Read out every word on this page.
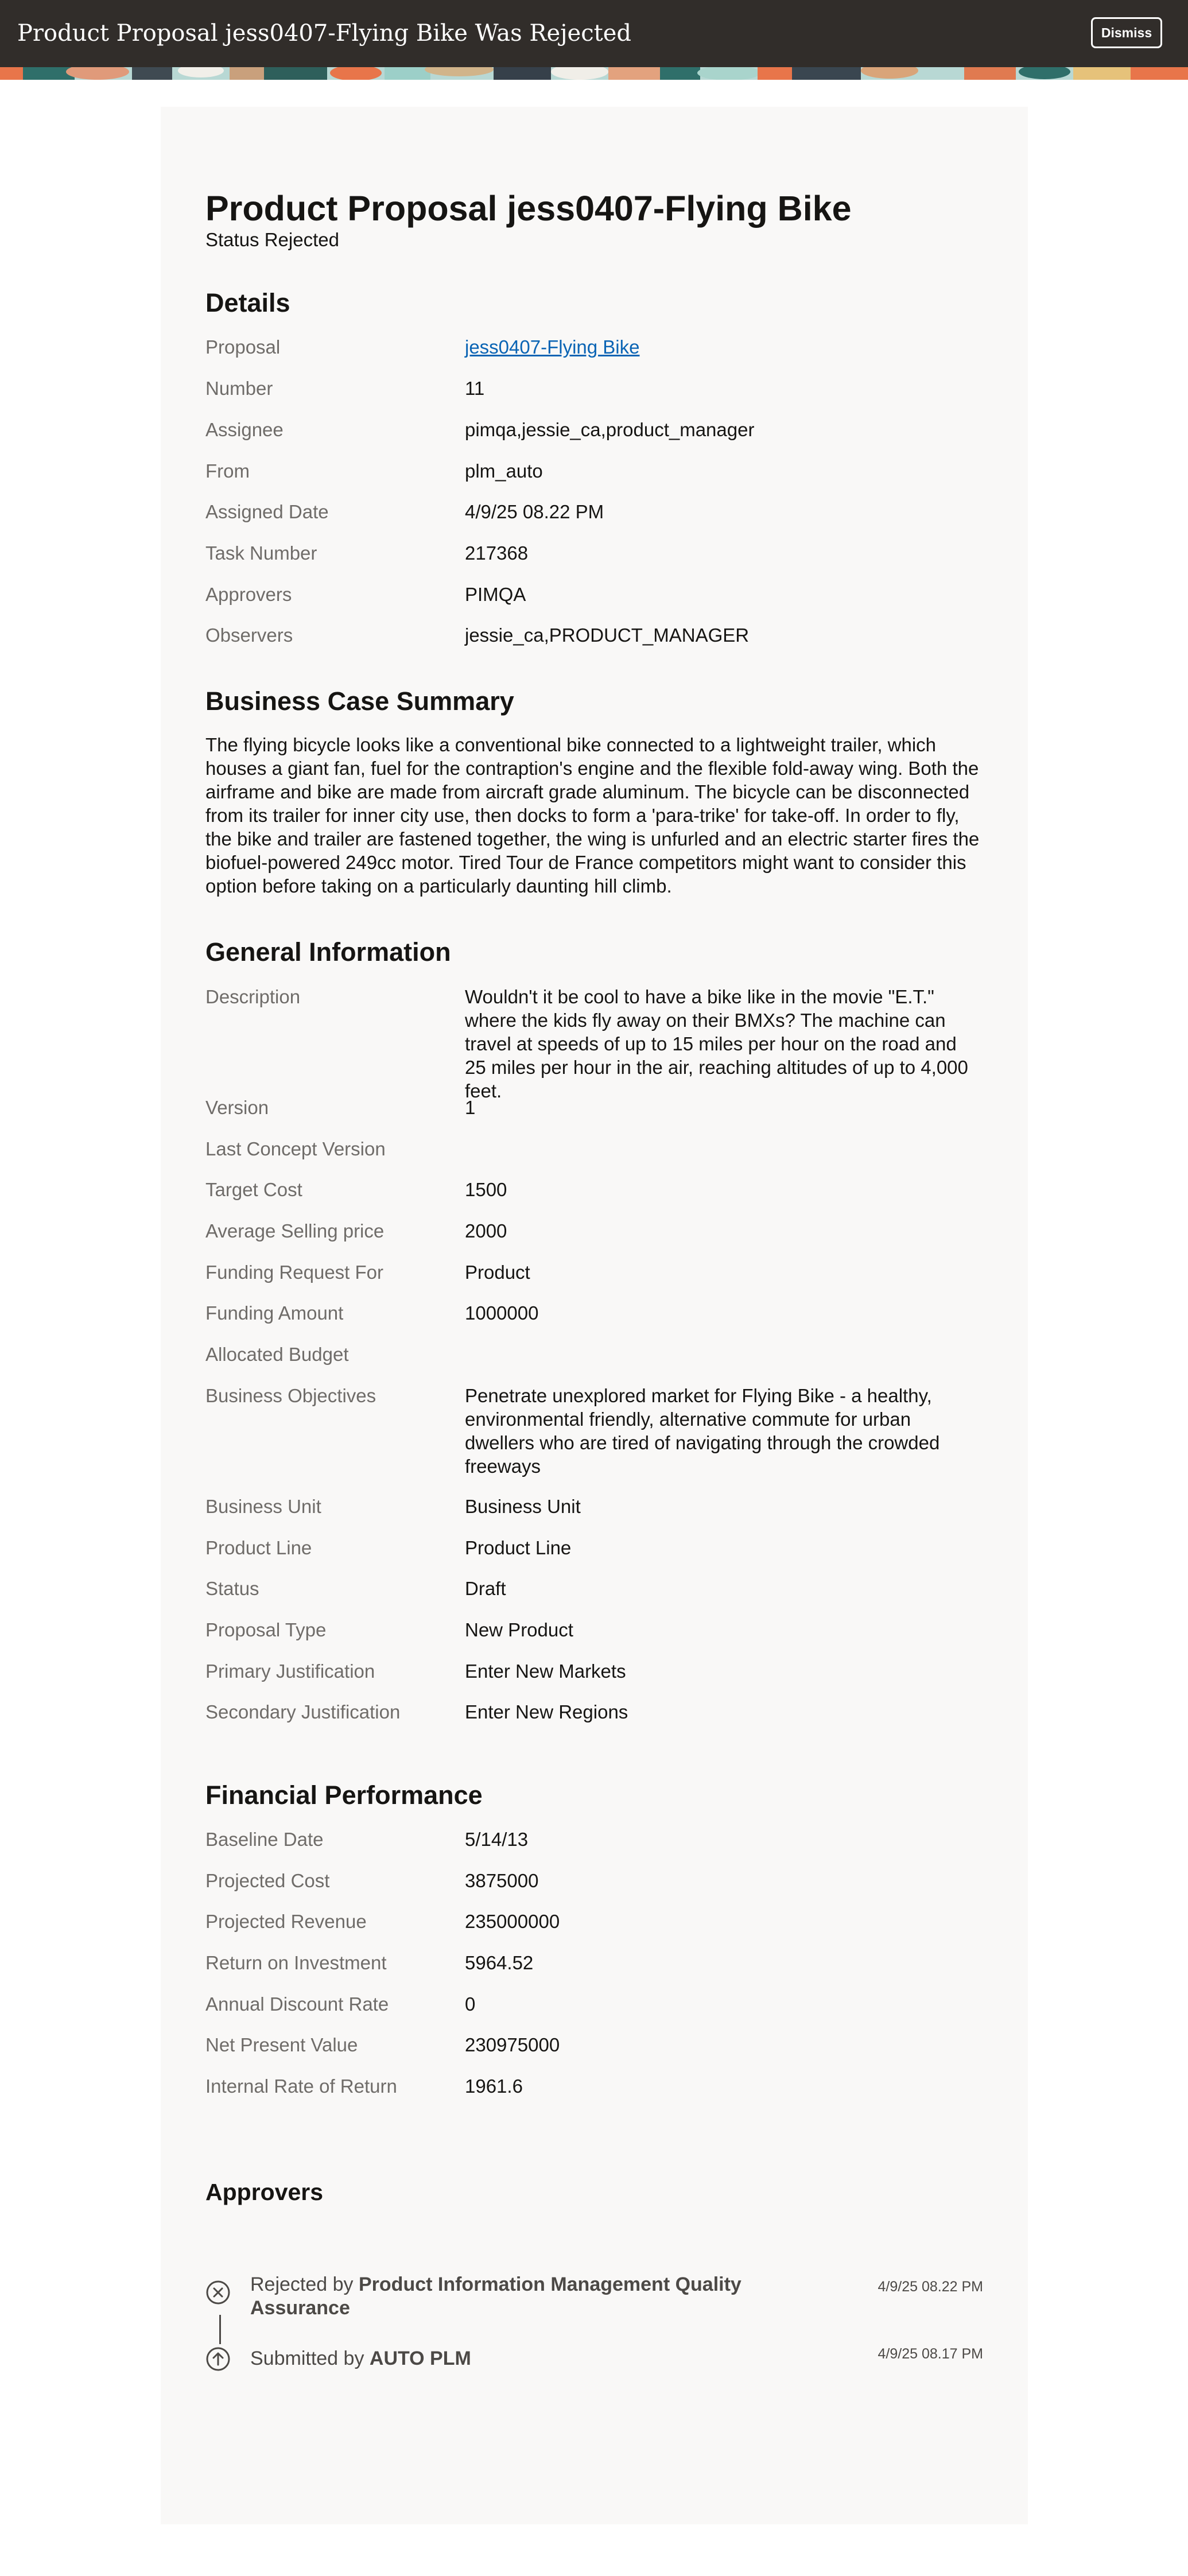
Product Proposal jess0407-Flying Bike Was Rejected	Dismiss
Product Proposal jess0407-Flying Bike
Status Rejected
Details
Proposal	jess0407-Flying Bike
Number	11
Assignee	pimqa,jessie_ca,product_manager
From	plm_auto
Assigned Date	4/9/25 08.22 PM
Task Number	217368
Approvers	PIMQA
Observers	jessie_ca,PRODUCT_MANAGER
Business Case Summary
The flying bicycle looks like a conventional bike connected to a lightweight trailer, which houses a giant fan, fuel for the contraption's engine and the flexible fold-away wing. Both the airframe and bike are made from aircraft grade aluminum. The bicycle can be disconnected from its trailer for inner city use, then docks to form a 'para-trike' for take-off. In order to fly, the bike and trailer are fastened together, the wing is unfurled and an electric starter fires the biofuel-powered 249cc motor. Tired Tour de France competitors might want to consider this option before taking on a particularly daunting hill climb.
General Information
Description	Wouldn't it be cool to have a bike like in the movie "E.T." where the kids fly away on their BMXs? The machine can travel at speeds of up to 15 miles per hour on the road and 25 miles per hour in the air, reaching altitudes of up to 4,000 feet.
Version	1
Last Concept Version
Target Cost	1500
Average Selling price	2000
Funding Request For	Product
Funding Amount	1000000
Allocated Budget
Business Objectives	Penetrate unexplored market for Flying Bike - a healthy, environmental friendly, alternative commute for urban dwellers who are tired of navigating through the crowded freeways
Business Unit	Business Unit
Product Line	Product Line
Status	Draft
Proposal Type	New Product
Primary Justification	Enter New Markets
Secondary Justification	Enter New Regions
Financial Performance
Baseline Date	5/14/13
Projected Cost	3875000
Projected Revenue	235000000
Return on Investment	5964.52
Annual Discount Rate	0
Net Present Value	230975000
Internal Rate of Return	1961.6
Approvers
Rejected by Product Information Management Quality Assurance
4/9/25 08.22 PM
Submitted by AUTO PLM	4/9/25 08.17 PM
